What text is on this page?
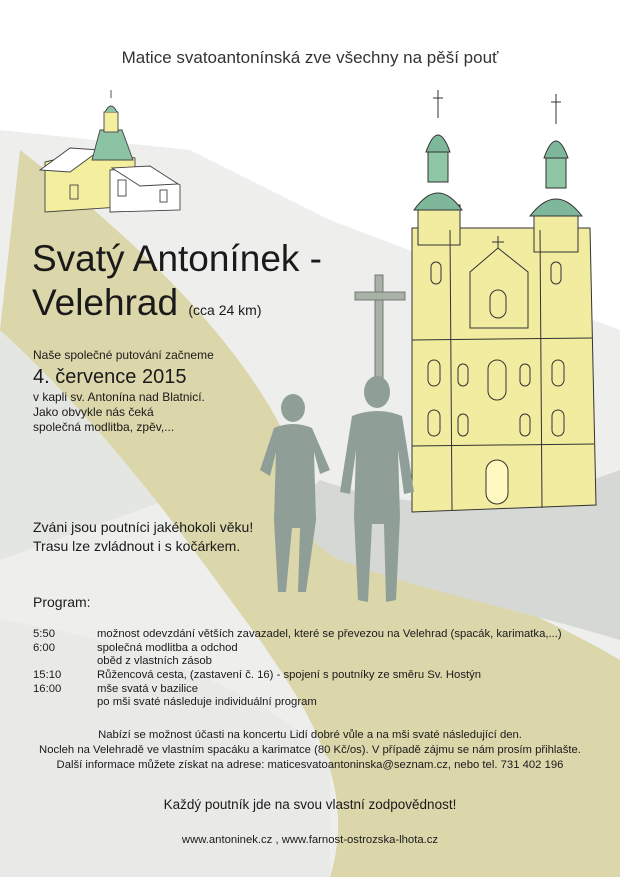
Matice svatoantonínská zve všechny na pěší pouť

Svatý Antonínek -

Velehrad (cca 24 km)

Naše společné putování začneme

4. července 2015

v kapli sv. Antonína nad Blatnicí.
Jako obvykle nás čeká
společná modlitba, zpěv,...
Zváni jsou poutníci jakéhokoli věku!
Trasu lze zvládnout i s kočárkem.

Program:

5:50	možnost odevzdání větších zavazadel, které se převezou na Velehrad (spacák, karimatka,...)
6:00	společná modlitba a odchod
oběd z vlastních zásob
15:10	Růžencová cesta, (zastavení č. 16) - spojení s poutníky ze směru Sv. Hostýn
16:00	mše svatá v bazilice
po mši svaté následuje individuální program
Nabízí se možnost účasti na koncertu Lidí dobré vůle a na mši svaté následující den.
Nocleh na Velehradě ve vlastním spacáku a karimatce (80 Kč/os). V případě zájmu se nám prosím přihlašte.
Další informace můžete získat na adrese: maticesvatoantoninska@seznam.cz, nebo tel. 731 402 196

Každý poutník jde na svou vlastní zodpovědnost!

www.antoninek.cz , www.farnost-ostrozska-lhota.cz
